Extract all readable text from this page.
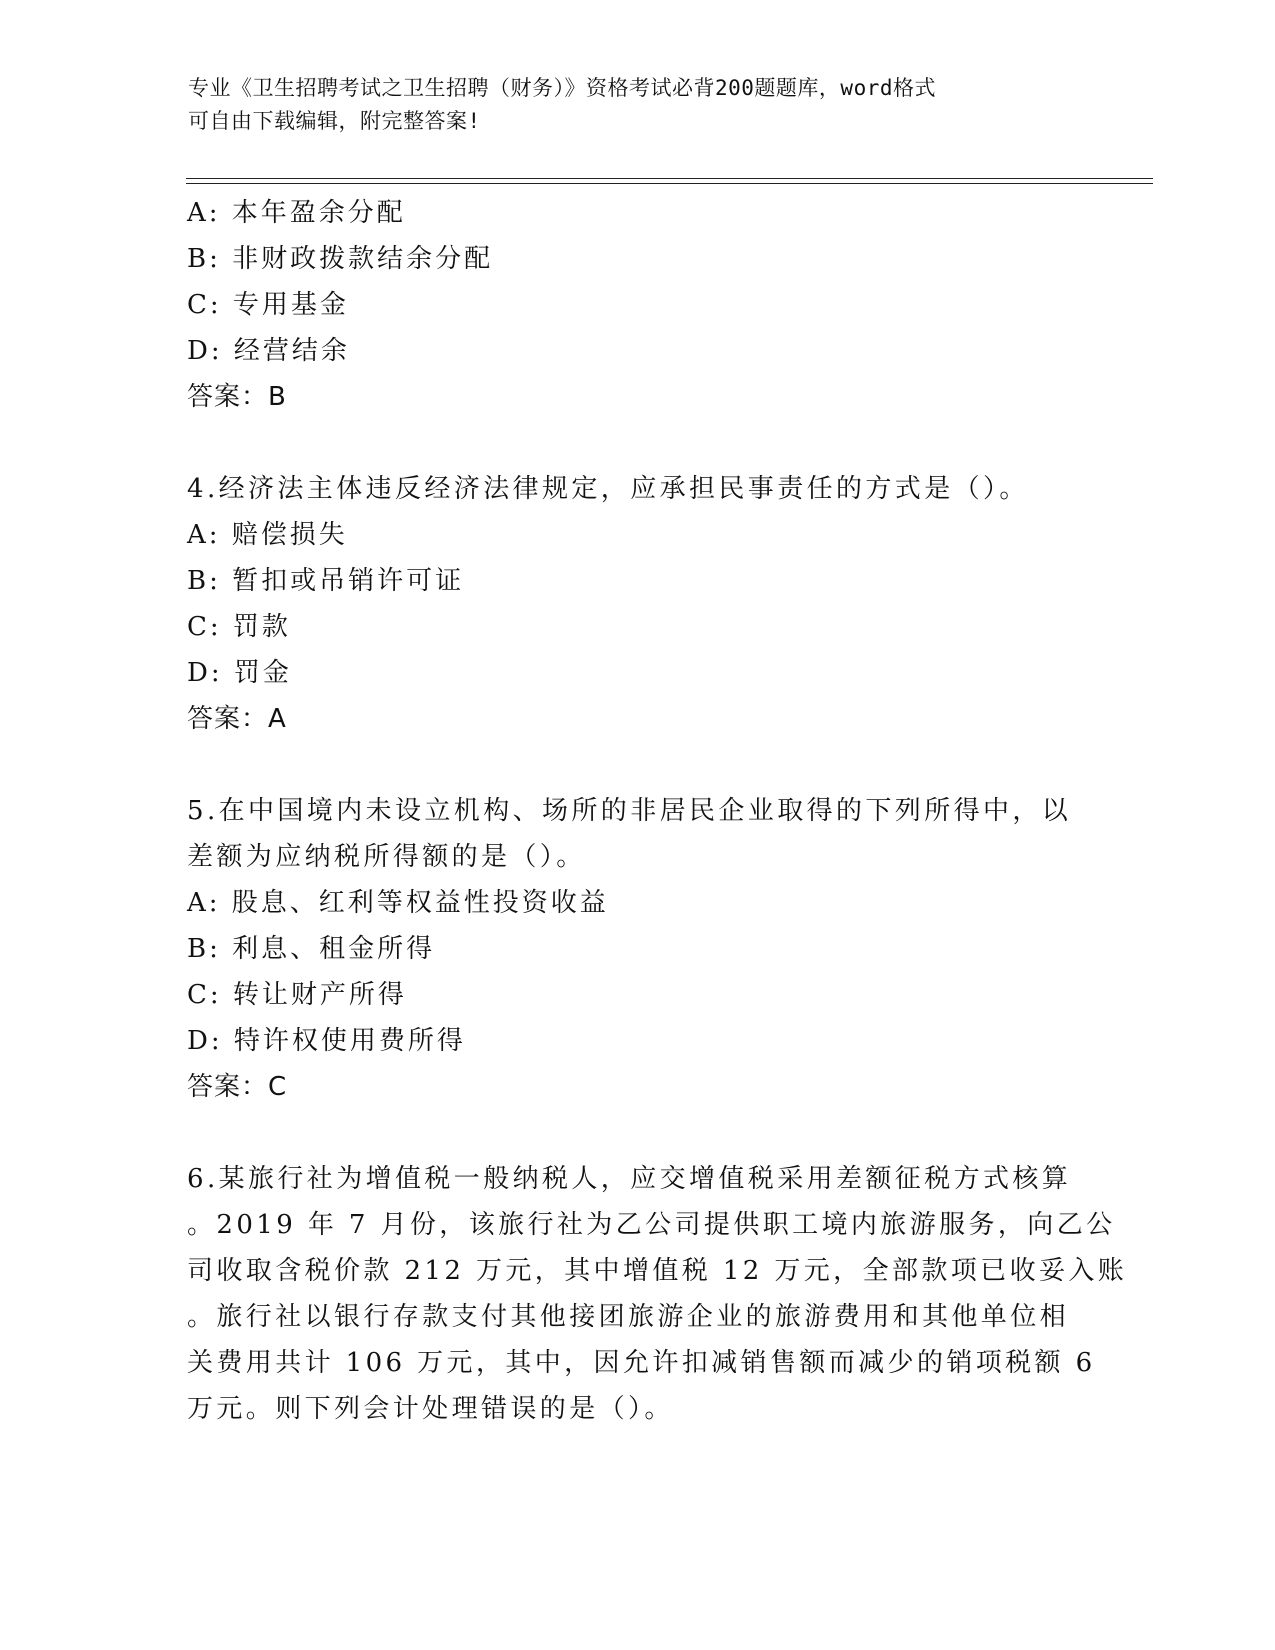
专业《卫生招聘考试之卫生招聘（财务）》资格考试必背200题题库，word格式
可自由下载编辑，附完整答案!
A: 本年盈余分配
B: 非财政拨款结余分配
C: 专用基金
D: 经营结余
答案：B
4.经济法主体违反经济法律规定，应承担民事责任的方式是（）。
A: 赔偿损失
B: 暂扣或吊销许可证
C: 罚款
D: 罚金
答案：A
5.在中国境内未设立机构、场所的非居民企业取得的下列所得中，以
差额为应纳税所得额的是（）。
A: 股息、红利等权益性投资收益
B: 利息、租金所得
C: 转让财产所得
D: 特许权使用费所得
答案：C
6.某旅行社为增值税一般纳税人，应交增值税采用差额征税方式核算
。2019 年 7 月份，该旅行社为乙公司提供职工境内旅游服务，向乙公
司收取含税价款 212 万元，其中增值税 12 万元，全部款项已收妥入账
。旅行社以银行存款支付其他接团旅游企业的旅游费用和其他单位相
关费用共计 106 万元，其中，因允许扣减销售额而减少的销项税额 6
万元。则下列会计处理错误的是（）。
